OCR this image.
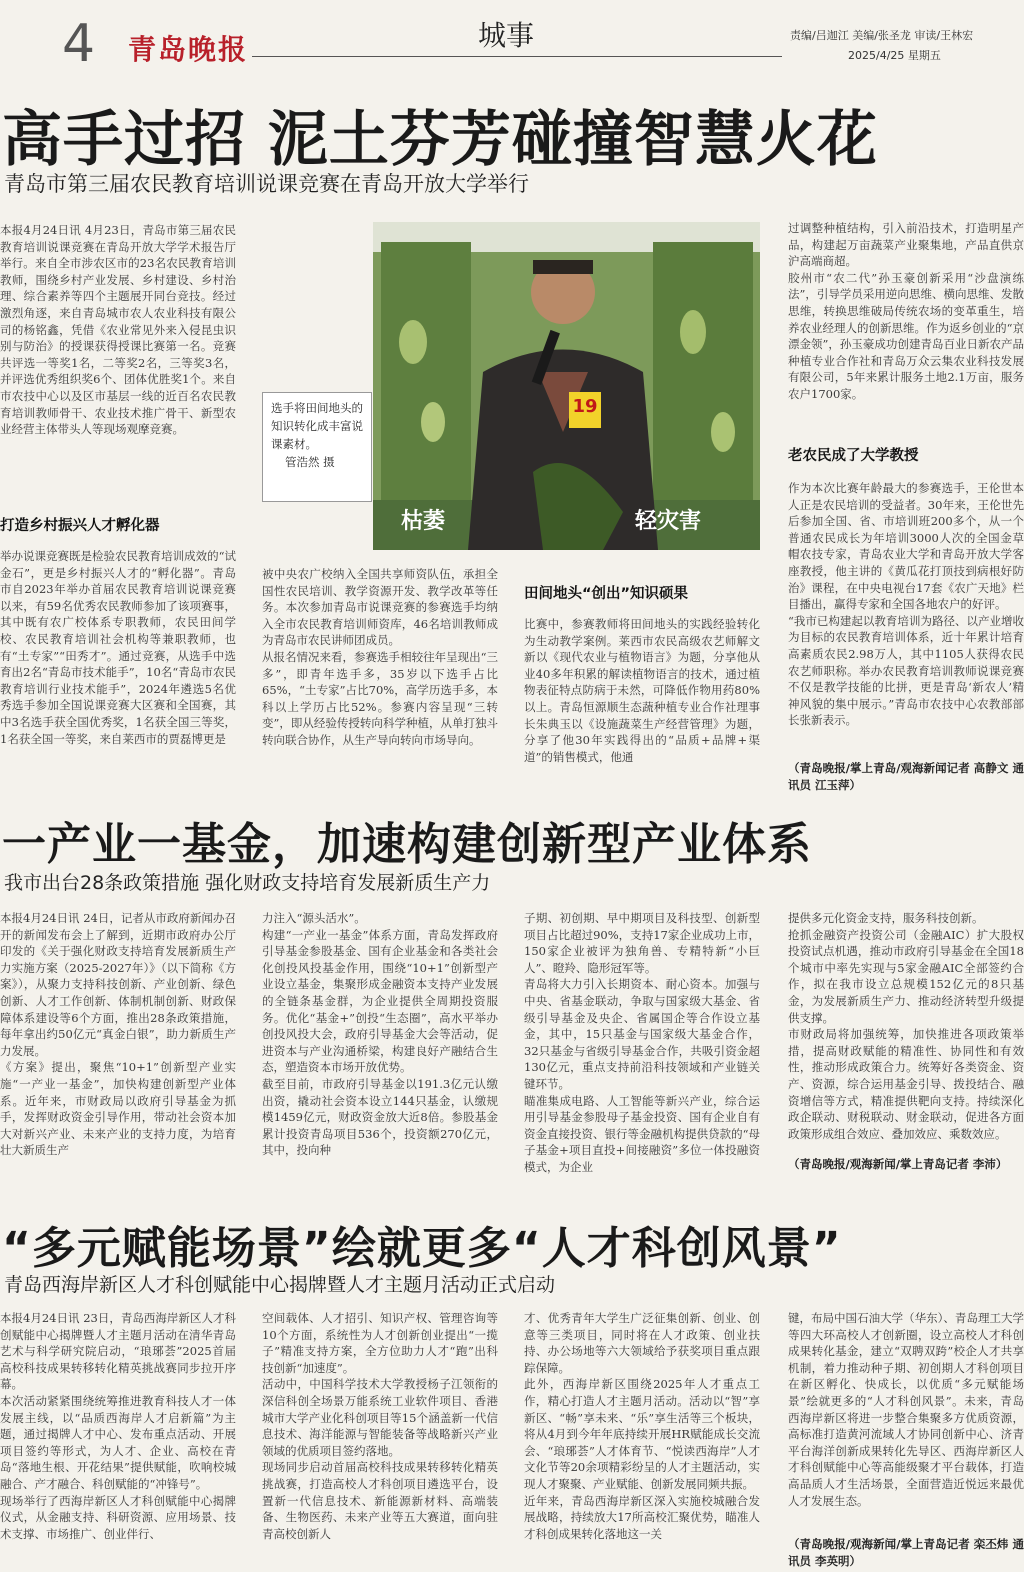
4 青岛晚报	城事	责编/吕迦江 美编/张圣龙 审读/王林宏
2025/4/25 星期五
高手过招 泥土芬芳碰撞智慧火花
青岛市第三届农民教育培训说课竞赛在青岛开放大学举行
本报4月24日讯 4月23日，青岛市第三届农民教育培训说课竞赛在青岛开放大学学术报告厅举行。来自全市涉农区市的23名农民教育培训教师，围绕乡村产业发展、乡村建设、乡村治理、综合素养等四个主题展开同台竞技。经过激烈角逐，来自青岛城市农人农业科技有限公司的杨铭鑫，凭借《农业常见外来入侵昆虫识别与防治》的授课获得授课比赛第一名。竞赛共评选一等奖1名，二等奖2名，三等奖3名，并评选优秀组织奖6个、团体优胜奖1个。来自市农技中心以及区市基层一线的近百名农民教育培训教师骨干、农业技术推广骨干、新型农业经营主体带头人等现场观摩竞赛。
打造乡村振兴人才孵化器
举办说课竞赛既是检验农民教育培训成效的“试金石”，更是乡村振兴人才的“孵化器”。青岛市自2023年举办首届农民教育培训说课竞赛以来，有59名优秀农民教师参加了该项赛事，其中既有农广校体系专职教师，农民田间学校、农民教育培训社会机构等兼职教师，也有“土专家”“田秀才”。通过竞赛，从选手中选育出2名“青岛市技术能手”，10名“青岛市农民教育培训行业技术能手”，2024年遴选5名优秀选手参加全国说课竞赛大区赛和全国赛，其中3名选手获全国优秀奖，1名获全国三等奖，1名获全国一等奖，来自莱西市的贾磊博更是
19
枯萎	轻灾害
选手将田间地头的知识转化成丰富说课素材。
管浩然 摄
被中央农广校纳入全国共享师资队伍，承担全国性农民培训、教学资源开发、教学改革等任务。本次参加青岛市说课竞赛的参赛选手均纳入全市农民教育培训师资库，46名培训教师成为青岛市农民讲师团成员。
从报名情况来看，参赛选手相较往年呈现出“三多”，即青年选手多，35岁以下选手占比65%，“土专家”占比70%，高学历选手多，本科以上学历占比52%。参赛内容呈现“三转变”，即从经验传授转向科学种植，从单打独斗转向联合协作，从生产导向转向市场导向。
田间地头“创出”知识硕果
比赛中，参赛教师将田间地头的实践经验转化为生动教学案例。莱西市农民高级农艺师解文新以《现代农业与植物语言》为题，分享他从业40多年积累的解读植物语言的技术，通过植物表征特点防病于未然，可降低作物用药80%以上。青岛恒源顺生态蔬种植专业合作社理事长朱典玉以《设施蔬菜生产经营管理》为题，分享了他30年实践得出的“品质+品牌+渠道”的销售模式，他通
过调整种植结构，引入前沿技术，打造明星产品，构建起万亩蔬菜产业聚集地，产品直供京沪高端商超。
胶州市“农二代”孙玉豪创新采用“沙盘演练法”，引导学员采用逆向思维、横向思维、发散思维，转换思维破局传统农场的变革重生，培养农业经理人的创新思维。作为返乡创业的“京漂金领”，孙玉豪成功创建青岛百业日新农产品种植专业合作社和青岛万众云集农业科技发展有限公司，5年来累计服务土地2.1万亩，服务农户1700家。
老农民成了大学教授
作为本次比赛年龄最大的参赛选手，王伦世本人正是农民培训的受益者。30年来，王伦世先后参加全国、省、市培训班200多个，从一个普通农民成长为年培训3000人次的全国金草帽农技专家，青岛农业大学和青岛开放大学客座教授，他主讲的《黄瓜花打顶技到病根好防治》课程，在中央电视台17套《农广天地》栏目播出，赢得专家和全国各地农户的好评。
“我市已构建起以教育培训为路径、以产业增收为目标的农民教育培训体系，近十年累计培育高素质农民2.98万人，其中1105人获得农民农艺师职称。举办农民教育培训教师说课竞赛不仅是教学技能的比拼，更是青岛‘新农人’精神风貌的集中展示。”青岛市农技中心农教部部长张新表示。
（青岛晚报/掌上青岛/观海新闻记者 高静文 通讯员 江玉萍）
一产业一基金，加速构建创新型产业体系
我市出台28条政策措施 强化财政支持培育发展新质生产力
本报4月24日讯 24日，记者从市政府新闻办召开的新闻发布会上了解到，近期市政府办公厅印发的《关于强化财政支持培育发展新质生产力实施方案（2025-2027年）》（以下简称《方案》），从聚力支持科技创新、产业创新、绿色创新、人才工作创新、体制机制创新、财政保障体系建设等6个方面，推出28条政策措施，每年拿出约50亿元“真金白银”，助力新质生产力发展。
《方案》提出，聚焦“10+1”创新型产业实施“一产业一基金”，加快构建创新型产业体系。近年来，市财政局以政府引导基金为抓手，发挥财政资金引导作用，带动社会资本加大对新兴产业、未来产业的支持力度，为培育壮大新质生产
力注入“源头活水”。
构建“一产业一基金”体系方面，青岛发挥政府引导基金参股基金、国有企业基金和各类社会化创投风投基金作用，围绕“10+1”创新型产业设立基金，集聚形成金融资本支持产业发展的全链条基金群，为企业提供全周期投资服务。优化“基金+”创投“生态圈”，高水平举办创投风投大会，政府引导基金大会等活动，促进资本与产业沟通桥梁，构建良好产融结合生态，塑造资本市场开放优势。
截至目前，市政府引导基金以191.3亿元认缴出资，撬动社会资本设立144只基金，认缴规模1459亿元，财政资金放大近8倍。参股基金累计投资青岛项目536个，投资额270亿元，其中，投向种
子期、初创期、早中期项目及科技型、创新型项目占比超过90%，支持17家企业成功上市，150家企业被评为独角兽、专精特新“小巨人”、瞪羚、隐形冠军等。
青岛将大力引入长期资本、耐心资本。加强与中央、省基金联动，争取与国家级大基金、省级引导基金及央企、省属国企等合作设立基金，其中，15只基金与国家级大基金合作，32只基金与省级引导基金合作，共吸引资金超130亿元，重点支持前沿科技领域和产业链关键环节。
瞄准集成电路、人工智能等新兴产业，综合运用引导基金参股母子基金投资、国有企业自有资金直接投资、银行等金融机构提供贷款的“母子基金+项目直投+间接融资”多位一体投融资模式，为企业
提供多元化资金支持，服务科技创新。
抢抓金融资产投资公司（金融AIC）扩大股权投资试点机遇，推动市政府引导基金在全国18个城市中率先实现与5家金融AIC全部签约合作，拟在我市设立总规模152亿元的8只基金，为发展新质生产力、推动经济转型升级提供支撑。
市财政局将加强统筹，加快推进各项政策举措，提高财政赋能的精准性、协同性和有效性，推动形成政策合力。统筹好各类资金、资产、资源，综合运用基金引导、拨投结合、融资增信等方式，精准提供靶向支持。持续深化政企联动、财税联动、财金联动，促进各方面政策形成组合效应、叠加效应、乘数效应。
（青岛晚报/观海新闻/掌上青岛记者 李沛）
“多元赋能场景”绘就更多“人才科创风景”
青岛西海岸新区人才科创赋能中心揭牌暨人才主题月活动正式启动
本报4月24日讯 23日，青岛西海岸新区人才科创赋能中心揭牌暨人才主题月活动在清华青岛艺术与科学研究院启动，“琅琊荟”2025首届高校科技成果转移转化精英挑战赛同步拉开序幕。
本次活动紧紧围绕统筹推进教育科技人才一体发展主线，以“品质西海岸人才启新篇”为主题，通过揭牌人才中心、发布重点活动、开展项目签约等形式，为人才、企业、高校在青岛“落地生根、开花结果”提供赋能，吹响校城融合、产才融合、科创赋能的“冲锋号”。
现场举行了西海岸新区人才科创赋能中心揭牌仪式，从金融支持、科研资源、应用场景、技术支撑、市场推广、创业伴行、
空间载体、人才招引、知识产权、管理咨询等10个方面，系统性为人才创新创业提出“一揽子”精准支持方案，全方位助力人才“跑”出科技创新“加速度”。
活动中，中国科学技术大学教授杨子江领衔的深信科创全场景万能系统工业软件项目、香港城市大学产业化科创项目等15个涵盖新一代信息技术、海洋能源与智能装备等战略新兴产业领域的优质项目签约落地。
现场同步启动首届高校科技成果转移转化精英挑战赛，打造高校人才科创项目遴选平台，设置新一代信息技术、新能源新材料、高端装备、生物医药、未来产业等五大赛道，面向驻青高校创新人
才、优秀青年大学生广泛征集创新、创业、创意等三类项目，同时将在人才政策、创业扶持、办公场地等六大领域给予获奖项目重点跟踪保障。
此外，西海岸新区围绕2025年人才重点工作，精心打造人才主题月活动。活动以“智”享新区、“畅”享未来、“乐”享生活等三个板块，将从4月到今年年底持续开展HR赋能成长交流会、“琅琊荟”人才体育节、“悦读西海岸”人才文化节等20余项精彩纷呈的人才主题活动，实现人才聚聚、产业赋能、创新发展同频共振。
近年来，青岛西海岸新区深入实施校城融合发展战略，持续放大17所高校汇聚优势，瞄准人才科创成果转化落地这一关
键，布局中国石油大学（华东）、青岛理工大学等四大环高校人才创新圈，设立高校人才科创成果转化基金，建立“双聘双跨”校企人才共享机制，着力推动种子期、初创期人才科创项目在新区孵化、快成长，以优质“多元赋能场景”绘就更多的“人才科创风景”。未来，青岛西海岸新区将进一步整合集聚多方优质资源，高标准打造黄河流域人才协同创新中心、济青平台海洋创新成果转化先导区、西海岸新区人才科创赋能中心等高能级聚才平台载体，打造高品质人才生活场景，全面营造近悦远来最优人才发展生态。
（青岛晚报/观海新闻/掌上青岛记者 栾丕炜 通讯员 李英明）
